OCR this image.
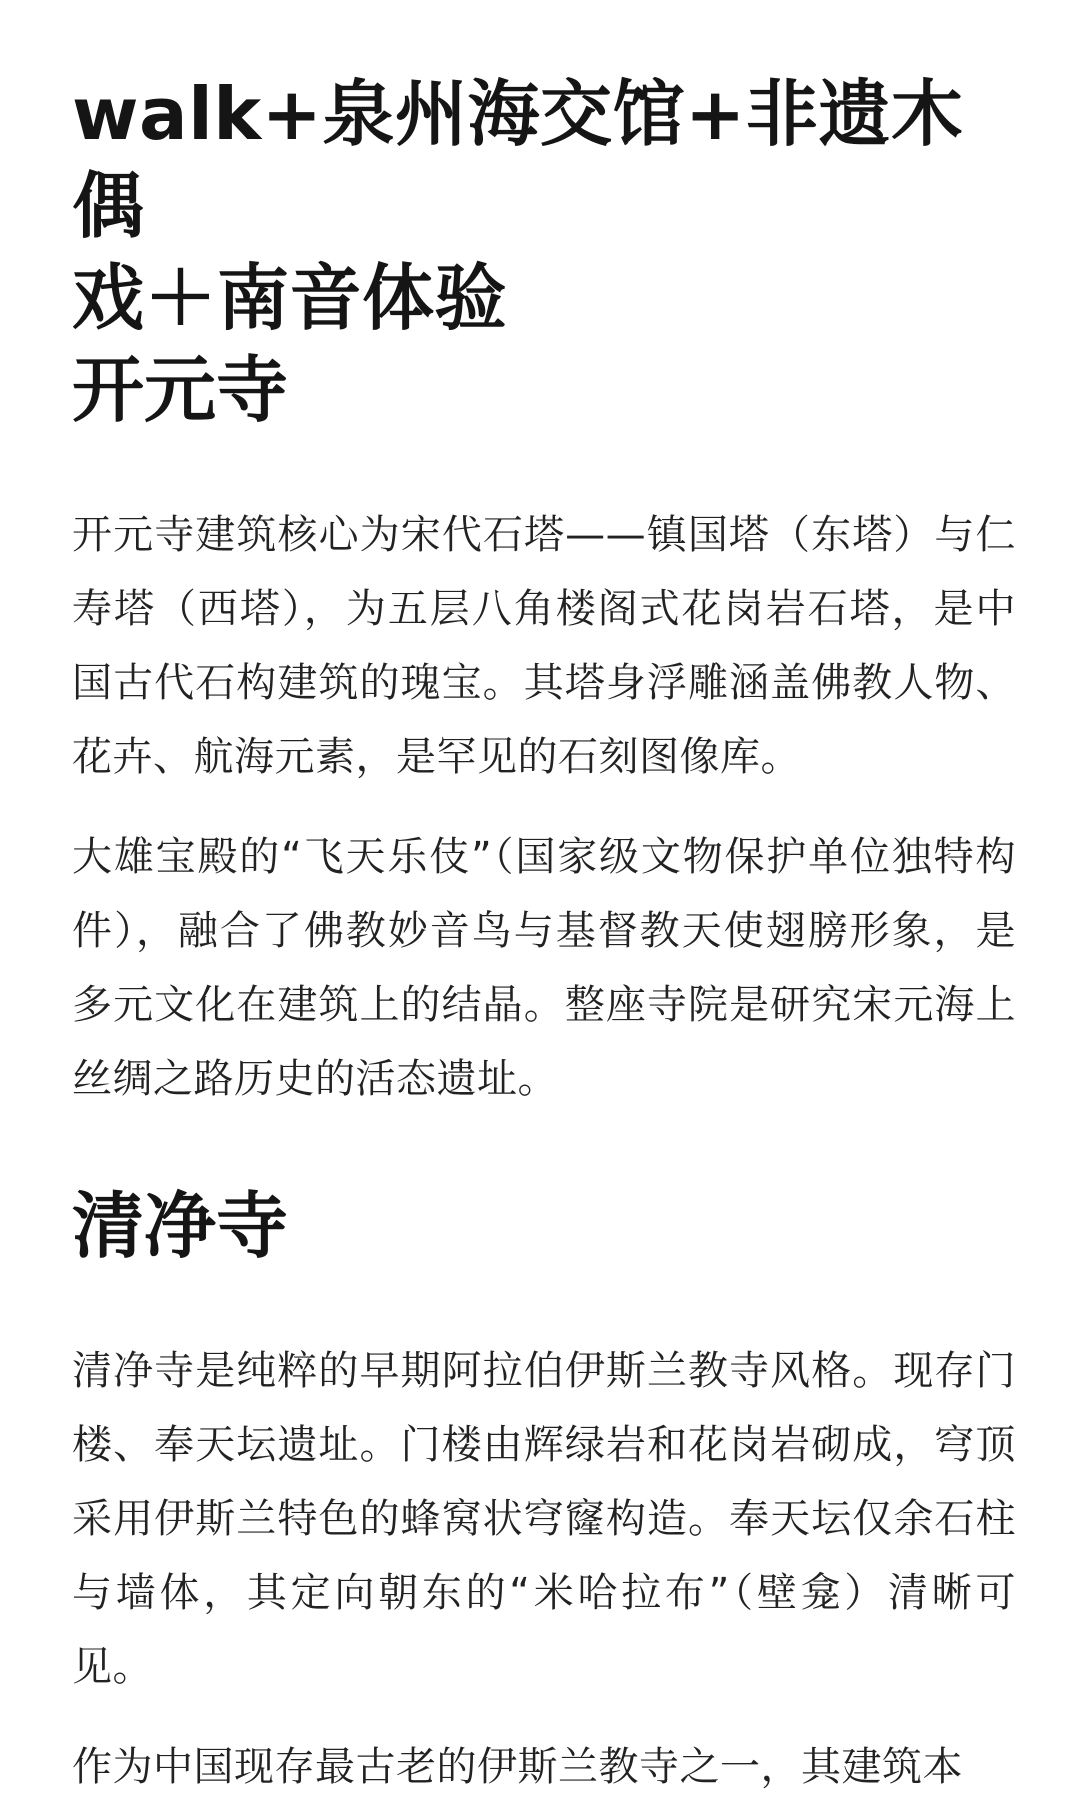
walk+泉州海交馆+非遗木偶
戏＋南音体验
开元寺

开元寺建筑核心为宋代石塔——镇国塔（东塔）与仁寿塔（西塔），为五层八角楼阁式花岗岩石塔，是中国古代石构建筑的瑰宝。其塔身浮雕涵盖佛教人物、花卉、航海元素，是罕见的石刻图像库。

大雄宝殿的“飞天乐伎”（国家级文物保护单位独特构件），融合了佛教妙音鸟与基督教天使翅膀形象，是多元文化在建筑上的结晶。整座寺院是研究宋元海上丝绸之路历史的活态遗址。

清净寺

清净寺是纯粹的早期阿拉伯伊斯兰教寺风格。现存门楼、奉天坛遗址。门楼由辉绿岩和花岗岩砌成，穹顶采用伊斯兰特色的蜂窝状穹窿构造。奉天坛仅余石柱与墙体，其定向朝东的“米哈拉布”（壁龛）清晰可见。

作为中国现存最古老的伊斯兰教寺之一，其建筑本
